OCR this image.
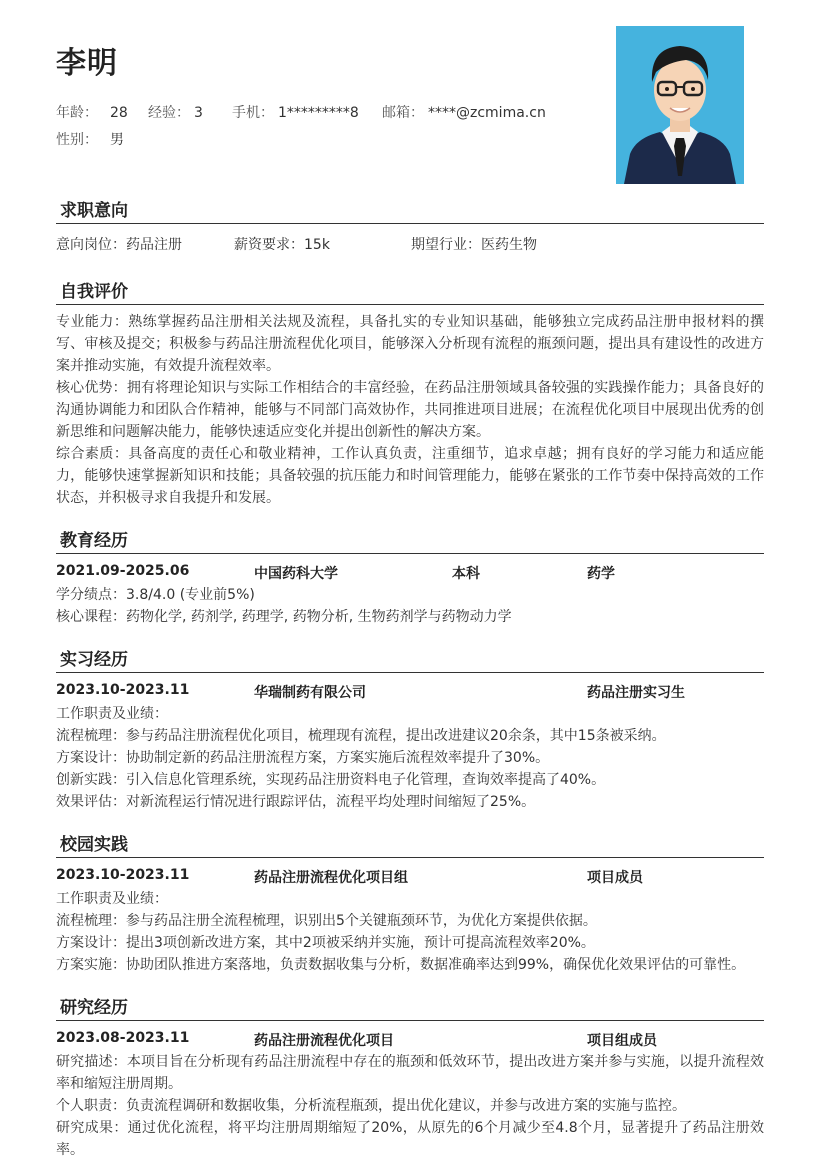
李明
年龄： 28 经验： 3 手机： 1*********8 邮箱： ****@zcmima.cn
性别： 男
求职意向
意向岗位：药品注册	薪资要求：15k	期望行业：医药生物
自我评价
专业能力：熟练掌握药品注册相关法规及流程，具备扎实的专业知识基础，能够独立完成药品注册申报材料的撰写、审核及提交；积极参与药品注册流程优化项目，能够深入分析现有流程的瓶颈问题，提出具有建设性的改进方案并推动实施，有效提升流程效率。
核心优势：拥有将理论知识与实际工作相结合的丰富经验，在药品注册领域具备较强的实践操作能力；具备良好的沟通协调能力和团队合作精神，能够与不同部门高效协作，共同推进项目进展；在流程优化项目中展现出优秀的创新思维和问题解决能力，能够快速适应变化并提出创新性的解决方案。
综合素质：具备高度的责任心和敬业精神，工作认真负责，注重细节，追求卓越；拥有良好的学习能力和适应能力，能够快速掌握新知识和技能；具备较强的抗压能力和时间管理能力，能够在紧张的工作节奏中保持高效的工作状态，并积极寻求自我提升和发展。
教育经历
2021.09-2025.06	中国药科大学	本科	药学
学分绩点：3.8/4.0 (专业前5%)
核心课程：药物化学, 药剂学, 药理学, 药物分析, 生物药剂学与药物动力学
实习经历
2023.10-2023.11	华瑞制药有限公司	药品注册实习生
工作职责及业绩：
流程梳理：参与药品注册流程优化项目，梳理现有流程，提出改进建议20余条，其中15条被采纳。
方案设计：协助制定新的药品注册流程方案，方案实施后流程效率提升了30%。
创新实践：引入信息化管理系统，实现药品注册资料电子化管理，查询效率提高了40%。
效果评估：对新流程运行情况进行跟踪评估，流程平均处理时间缩短了25%。
校园实践
2023.10-2023.11	药品注册流程优化项目组	项目成员
工作职责及业绩：
流程梳理：参与药品注册全流程梳理，识别出5个关键瓶颈环节，为优化方案提供依据。
方案设计：提出3项创新改进方案，其中2项被采纳并实施，预计可提高流程效率20%。
方案实施：协助团队推进方案落地，负责数据收集与分析，数据准确率达到99%，确保优化效果评估的可靠性。
研究经历
2023.08-2023.11	药品注册流程优化项目	项目组成员
研究描述：本项目旨在分析现有药品注册流程中存在的瓶颈和低效环节，提出改进方案并参与实施，以提升流程效率和缩短注册周期。
个人职责：负责流程调研和数据收集，分析流程瓶颈，提出优化建议，并参与改进方案的实施与监控。
研究成果：通过优化流程，将平均注册周期缩短了20%，从原先的6个月减少至4.8个月，显著提升了药品注册效率。
